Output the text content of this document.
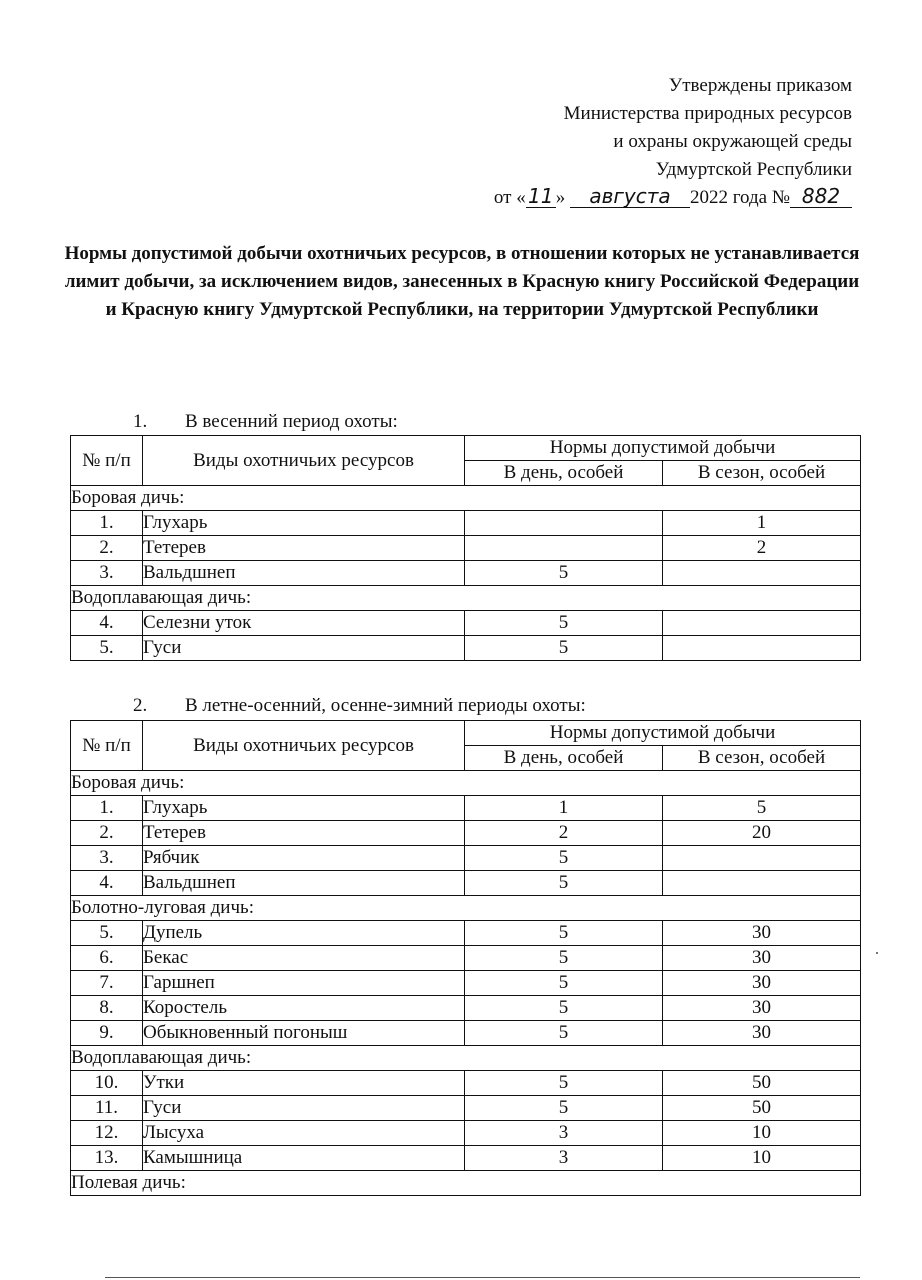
Утверждены приказом
Министерства природных ресурсов
и охраны окружающей среды
Удмуртской Республики
от « 11 » августа 2022 года № 882
Нормы допустимой добычи охотничьих ресурсов, в отношении которых не устанавливается лимит добычи, за исключением видов, занесенных в Красную книгу Российской Федерации и Красную книгу Удмуртской Республики, на территории Удмуртской Республики
1. В весенний период охоты:
№ п/п	Виды охотничьих ресурсов	Нормы допустимой добычи	
		В день, особей	В сезон, особей
Боровая дичь:			
1.	Глухарь		1
2.	Тетерев		2
3.	Вальдшнеп	5	
Водоплавающая дичь:			
4.	Селезни уток	5	
5.	Гуси	5	
2. В летне-осенний, осенне-зимний периоды охоты:
№ п/п	Виды охотничьих ресурсов	Нормы допустимой добычи	
		В день, особей	В сезон, особей
Боровая дичь:			
1.	Глухарь	1	5
2.	Тетерев	2	20
3.	Рябчик	5	
4.	Вальдшнеп	5	
Болотно-луговая дичь:			
5.	Дупель	5	30
6.	Бекас	5	30
7.	Гаршнеп	5	30
8.	Коростель	5	30
9.	Обыкновенный погоныш	5	30
Водоплавающая дичь:			
10.	Утки	5	50
11.	Гуси	5	50
12.	Лысуха	3	10
13.	Камышница	3	10
Полевая дичь:			
